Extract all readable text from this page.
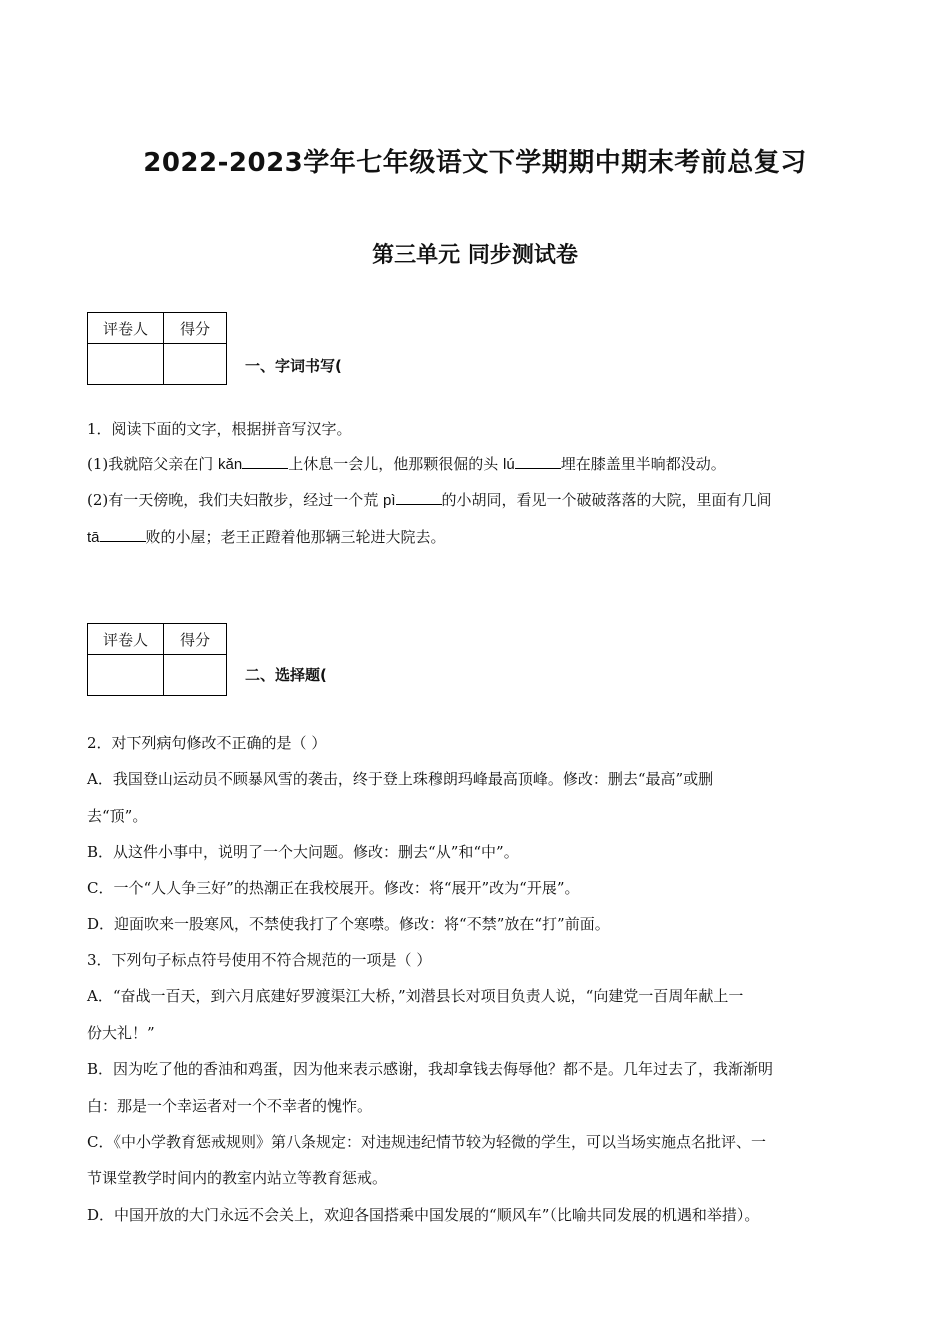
2022-2023学年七年级语文下学期期中期末考前总复习
第三单元 同步测试卷
评卷人	得分

一、字词书写(
1．阅读下面的文字，根据拼音写汉字。
(1)我就陪父亲在门 kǎn	上休息一会儿，他那颗很倔的头 lú	埋在膝盖里半晌都没动。
(2)有一天傍晚，我们夫妇散步，经过一个荒 pì	的小胡同，看见一个破破落落的大院，里面有几间
tā	败的小屋；老王正蹬着他那辆三轮进大院去。
评卷人	得分

二、选择题(
2．对下列病句修改不正确的是（ ）
A．我国登山运动员不顾暴风雪的袭击，终于登上珠穆朗玛峰最高顶峰。修改：删去“最高”或删
去“顶”。
B．从这件小事中，说明了一个大问题。修改：删去“从”和“中”。
C．一个“人人争三好”的热潮正在我校展开。修改：将“展开”改为“开展”。
D．迎面吹来一股寒风，不禁使我打了个寒噤。修改：将“不禁”放在“打”前面。
3．下列句子标点符号使用不符合规范的一项是（ ）
A．“奋战一百天，到六月底建好罗渡渠江大桥，”刘潜县长对项目负责人说，“向建党一百周年献上一
份大礼！”
B．因为吃了他的香油和鸡蛋，因为他来表示感谢，我却拿钱去侮辱他？都不是。几年过去了，我渐渐明
白：那是一个幸运者对一个不幸者的愧怍。
C．《中小学教育惩戒规则》第八条规定：对违规违纪情节较为轻微的学生，可以当场实施点名批评、一
节课堂教学时间内的教室内站立等教育惩戒。
D．中国开放的大门永远不会关上，欢迎各国搭乘中国发展的“顺风车”（比喻共同发展的机遇和举措）。
